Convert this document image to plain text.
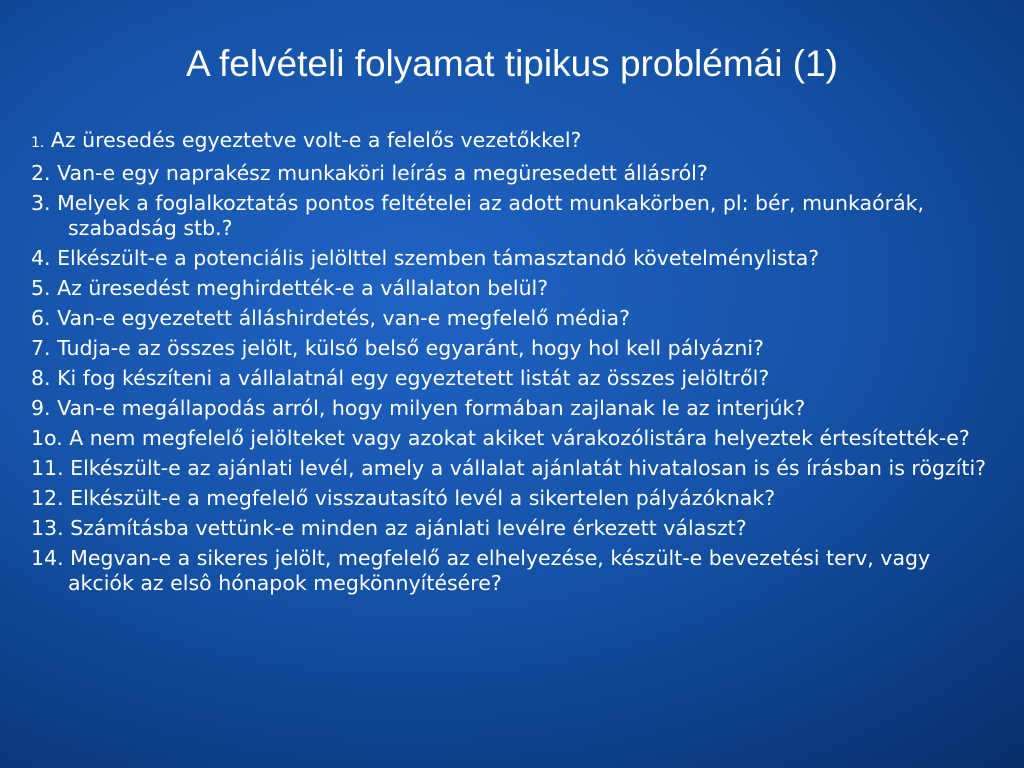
A felvételi folyamat tipikus problémái (1)
1. Az üresedés egyeztetve volt-e a felelős vezetőkkel?
2. Van-e egy naprakész munkaköri leírás a megüresedett állásról?
3. Melyek a foglalkoztatás pontos feltételei az adott munkakörben, pl: bér, munkaórák, szabadság stb.?
4. Elkészült-e a potenciális jelölttel szemben támasztandó követelménylista?
5. Az üresedést meghirdették-e a vállalaton belül?
6. Van-e egyezetett álláshirdetés, van-e megfelelő média?
7. Tudja-e az összes jelölt, külső belső egyaránt, hogy hol kell pályázni?
8. Ki fog készíteni a vállalatnál egy egyeztetett listát az összes jelöltről?
9. Van-e megállapodás arról, hogy milyen formában zajlanak le az interjúk?
1o. A nem megfelelő jelölteket vagy azokat akiket várakozólistára helyeztek értesítették-e?
11. Elkészült-e az ajánlati levél, amely a vállalat ajánlatát hivatalosan is és írásban is rögzíti?
12. Elkészült-e a megfelelő visszautasító levél a sikertelen pályázóknak?
13. Számításba vettünk-e minden az ajánlati levélre érkezett választ?
14. Megvan-e a sikeres jelölt, megfelelő az elhelyezése, készült-e bevezetési terv, vagy akciók az elsô hónapok megkönnyítésére?
